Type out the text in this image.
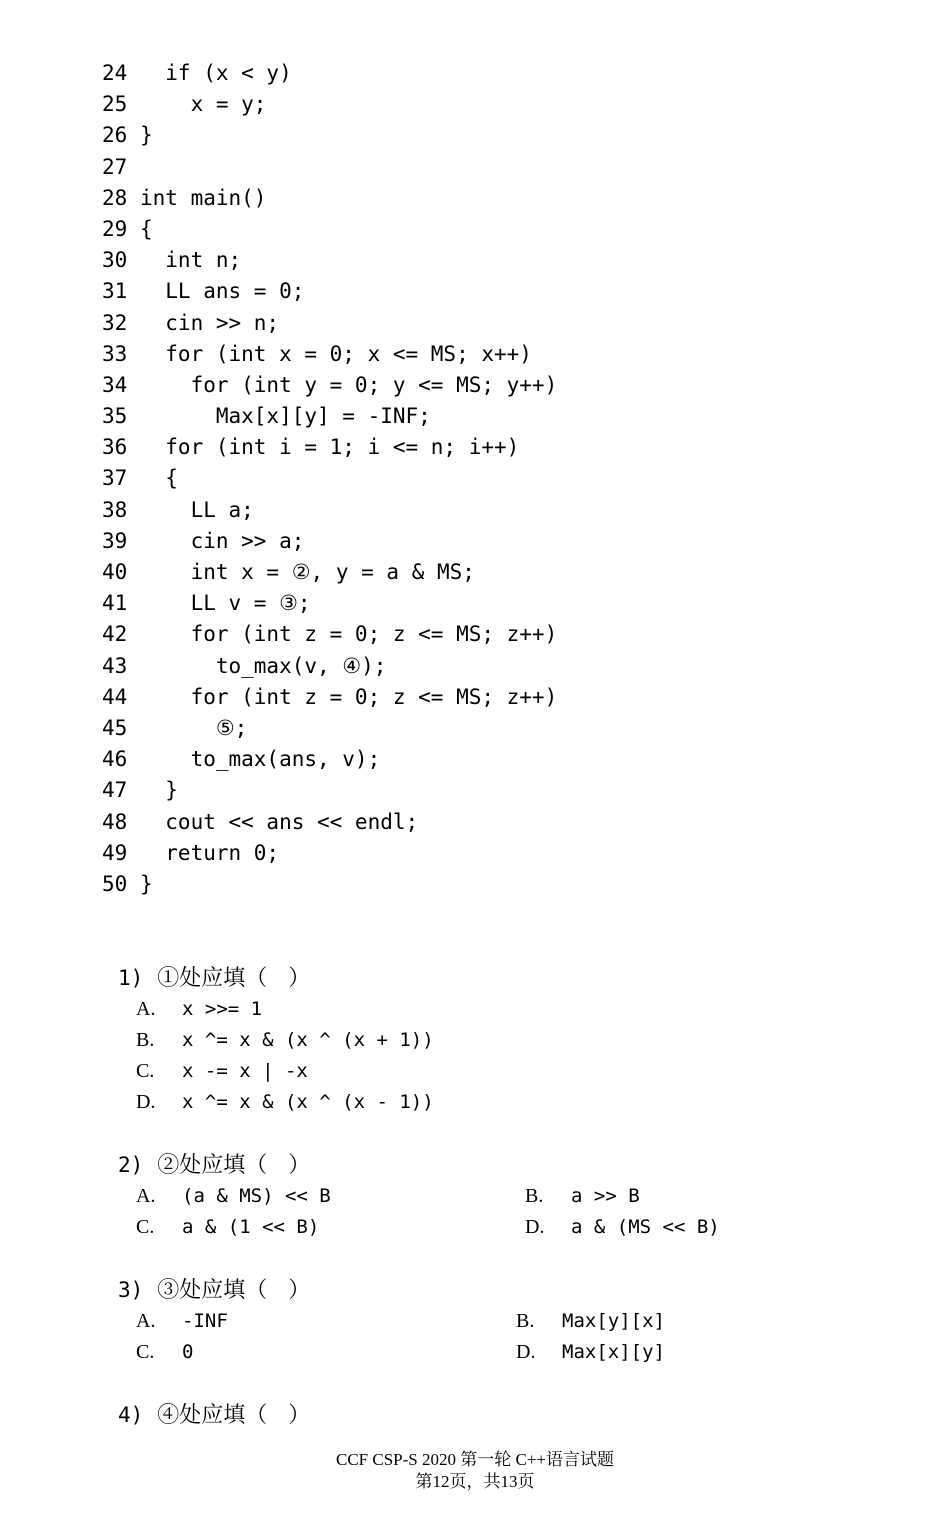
24  if (x < y)
25    x = y;
26 }
27
28 int main()
29 {
30  int n;
31  LL ans = 0;
32  cin >> n;
33  for (int x = 0; x <= MS; x++)
34    for (int y = 0; y <= MS; y++)
35      Max[x][y] = -INF;
36  for (int i = 1; i <= n; i++)
37  {
38    LL a;
39    cin >> a;
40    int x = ②, y = a & MS;
41    LL v = ③;
42    for (int z = 0; z <= MS; z++)
43      to_max(v, ④);
44    for (int z = 0; z <= MS; z++)
45      ⑤;
46    to_max(ans, v);
47  }
48  cout << ans << endl;
49  return 0;
50 }

1) ①处应填（   ）

A. x >>= 1

B. x ^= x & (x ^ (x + 1))

C. x -= x | -x

D. x ^= x & (x ^ (x - 1))

2) ②处应填（   ）

A. (a & MS) << B
	B. a >> B

C. a & (1 << B)
	D. a & (MS << B)

3) ③处应填（   ）

A. -INF
	B. Max[y][x]

C. 0
	D. Max[x][y]

4) ④处应填（   ）

CCF CSP-S 2020 第一轮 C++语言试题
第12页，共13页
